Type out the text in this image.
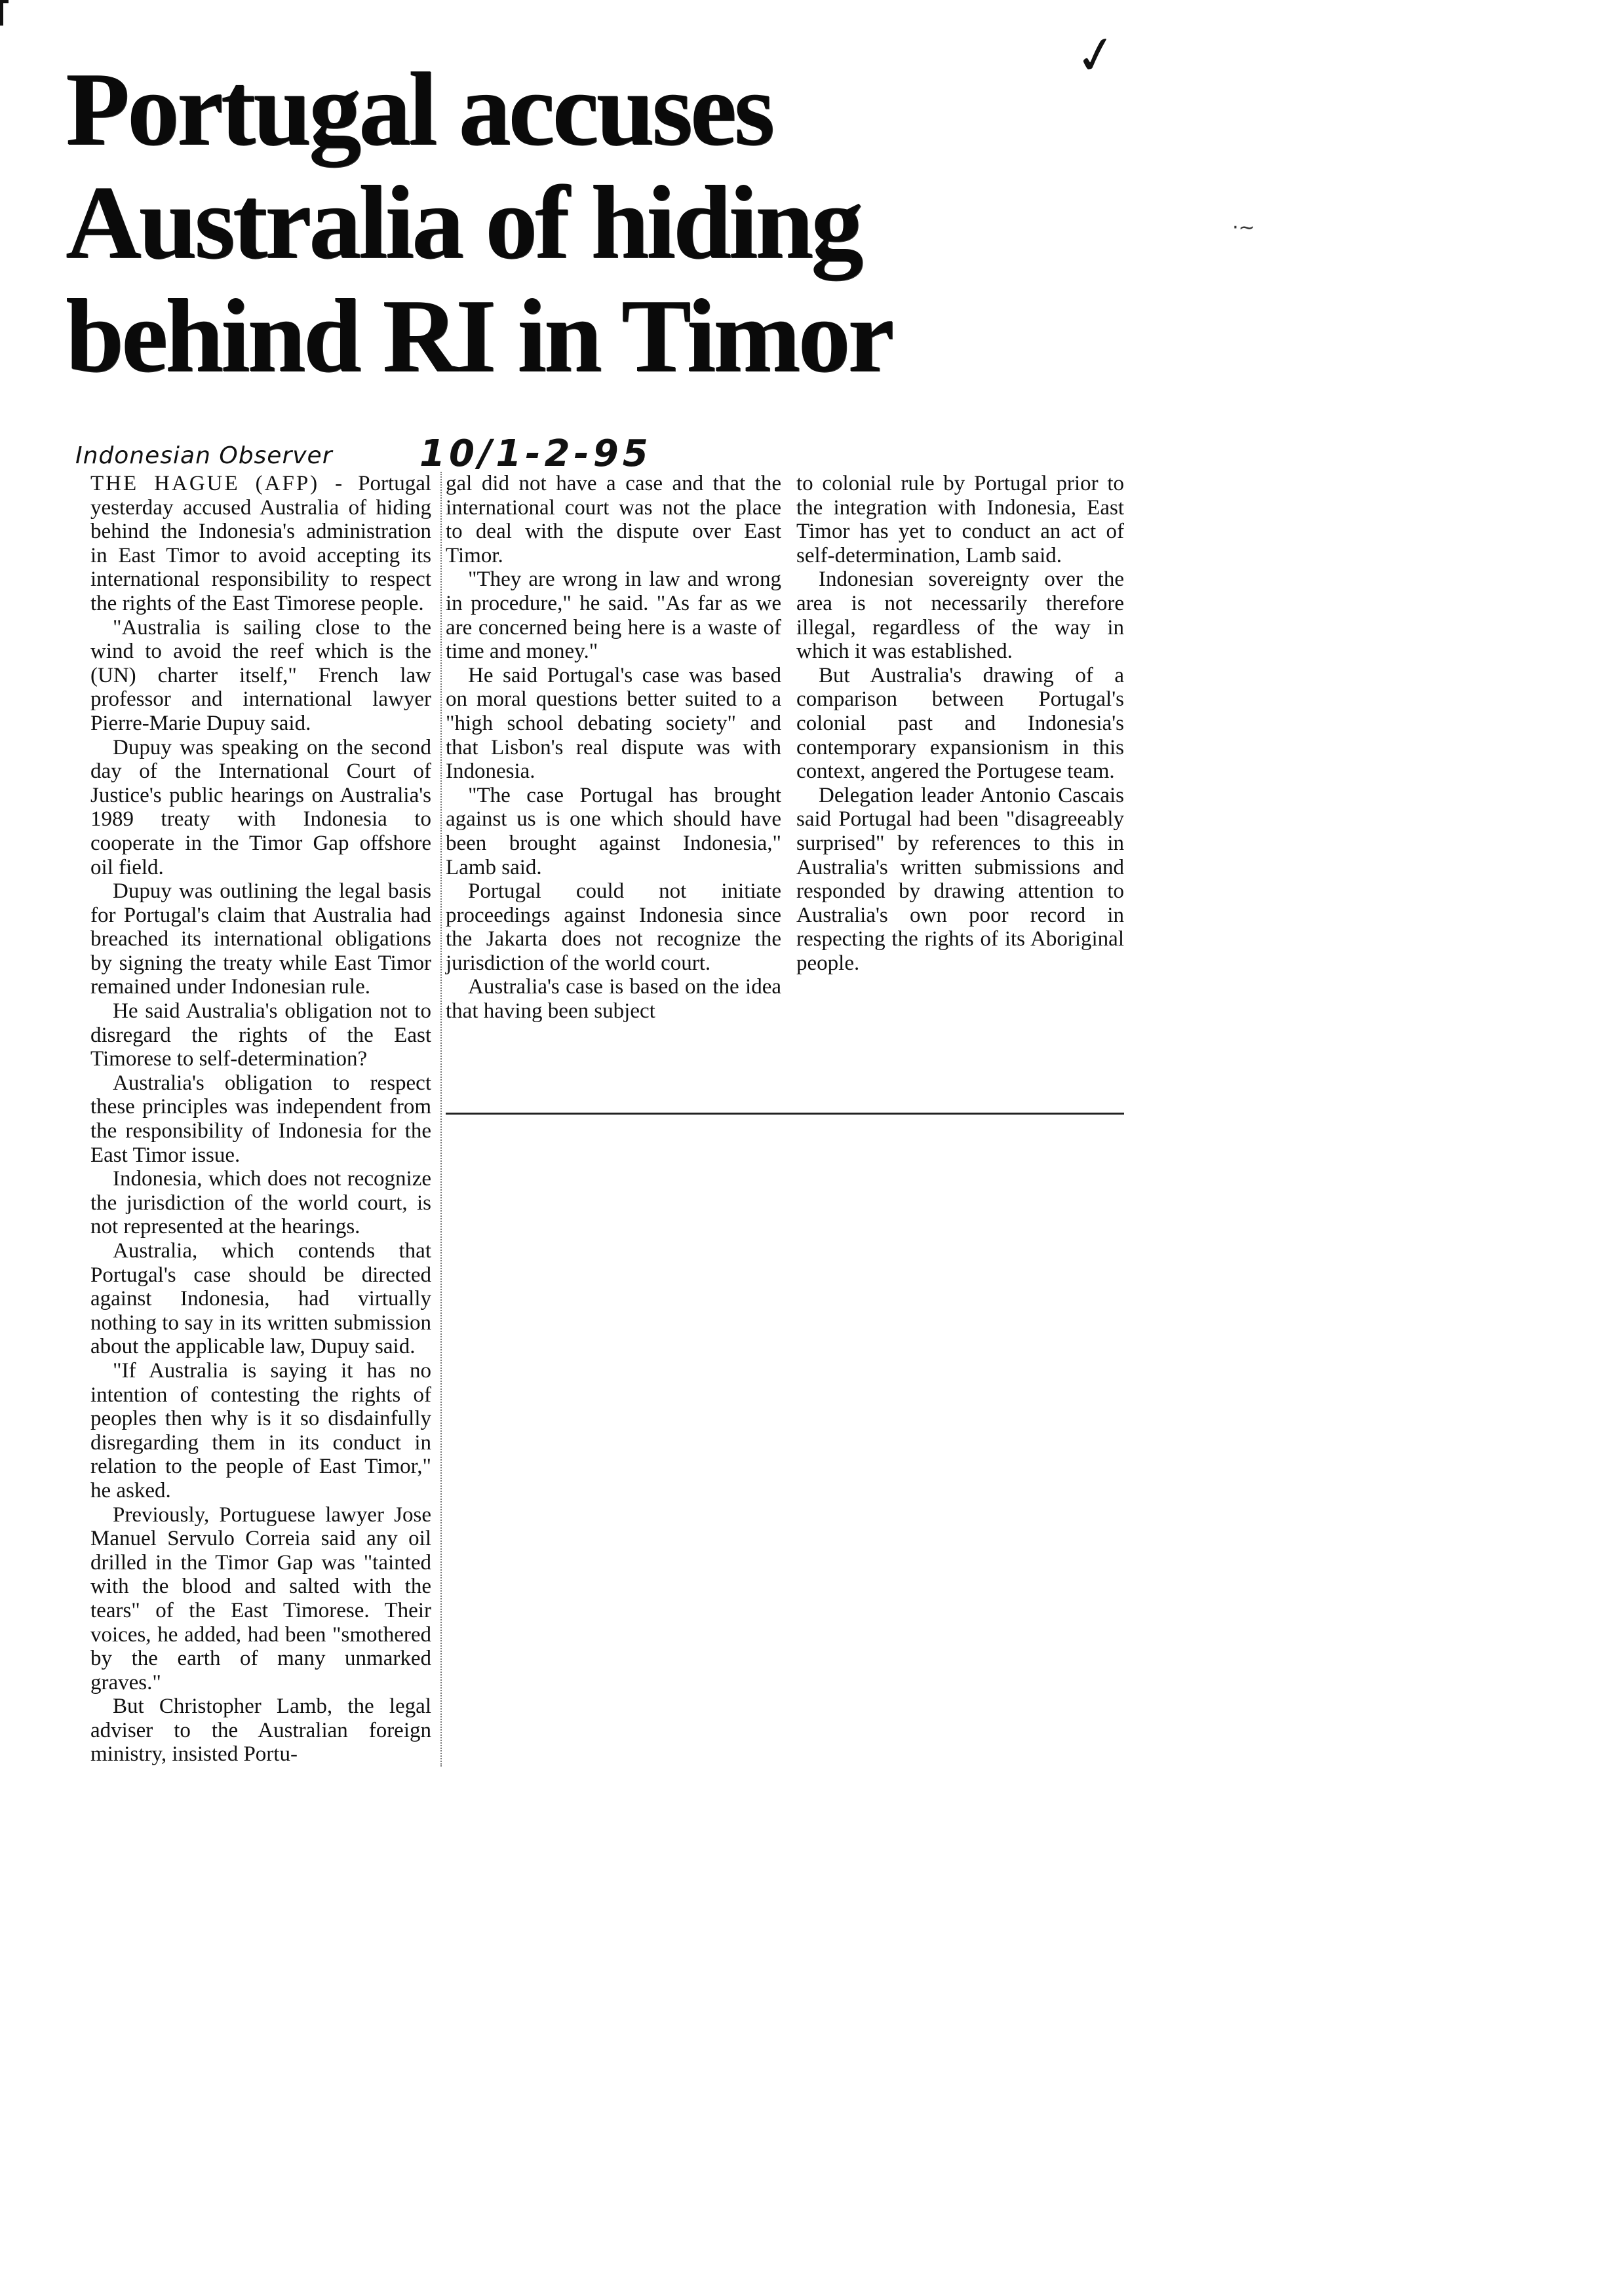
✓
⋅∼
Portugal accuses
Australia of hiding
behind RI in Timor
Indonesian Observer 10/1-2-95

THE HAGUE (AFP) - Portugal yesterday accused Australia of hiding behind the Indonesia's administration in East Timor to avoid accepting its international responsibility to respect the rights of the East Timorese people.

"Australia is sailing close to the wind to avoid the reef which is the (UN) charter itself," French law professor and international lawyer Pierre-Marie Dupuy said.

Dupuy was speaking on the second day of the International Court of Justice's public hearings on Australia's 1989 treaty with Indonesia to cooperate in the Timor Gap offshore oil field.

Dupuy was outlining the legal basis for Portugal's claim that Australia had breached its international obligations by signing the treaty while East Timor remained under Indonesian rule.

He said Australia's obligation not to disregard the rights of the East Timorese to self-determination?

Australia's obligation to respect these principles was independent from the responsibility of Indonesia for the East Timor issue.

Indonesia, which does not recognize the jurisdiction of the world court, is not represented at the hearings.

Australia, which contends that Portugal's case should be directed against Indonesia, had virtually nothing to say in its written submission about the applicable law, Dupuy said.

"If Australia is saying it has no intention of contesting the rights of peoples then why is it so disdainfully disregarding them in its conduct in relation to the people of East Timor," he asked.

Previously, Portuguese lawyer Jose Manuel Servulo Correia said any oil drilled in the Timor Gap was "tainted with the blood and salted with the tears" of the East Timorese. Their voices, he added, had been "smothered by the earth of many unmarked graves."

But Christopher Lamb, the legal adviser to the Australian foreign ministry, insisted Portu-

gal did not have a case and that the international court was not the place to deal with the dispute over East Timor.

"They are wrong in law and wrong in procedure," he said. "As far as we are concerned being here is a waste of time and money."

He said Portugal's case was based on moral questions better suited to a "high school debating society" and that Lisbon's real dispute was with Indonesia.

"The case Portugal has brought against us is one which should have been brought against Indonesia," Lamb said.

Portugal could not initiate proceedings against Indonesia since the Jakarta does not recognize the jurisdiction of the world court.

Australia's case is based on the idea that having been subject

to colonial rule by Portugal prior to the integration with Indonesia, East Timor has yet to conduct an act of self-determination, Lamb said.

Indonesian sovereignty over the area is not necessarily therefore illegal, regardless of the way in which it was established.

But Australia's drawing of a comparison between Portugal's colonial past and Indonesia's contemporary expansionism in this context, angered the Portugese team.

Delegation leader Antonio Cascais said Portugal had been "disagreeably surprised" by references to this in Australia's written submissions and responded by drawing attention to Australia's own poor record in respecting the rights of its Aboriginal people.
